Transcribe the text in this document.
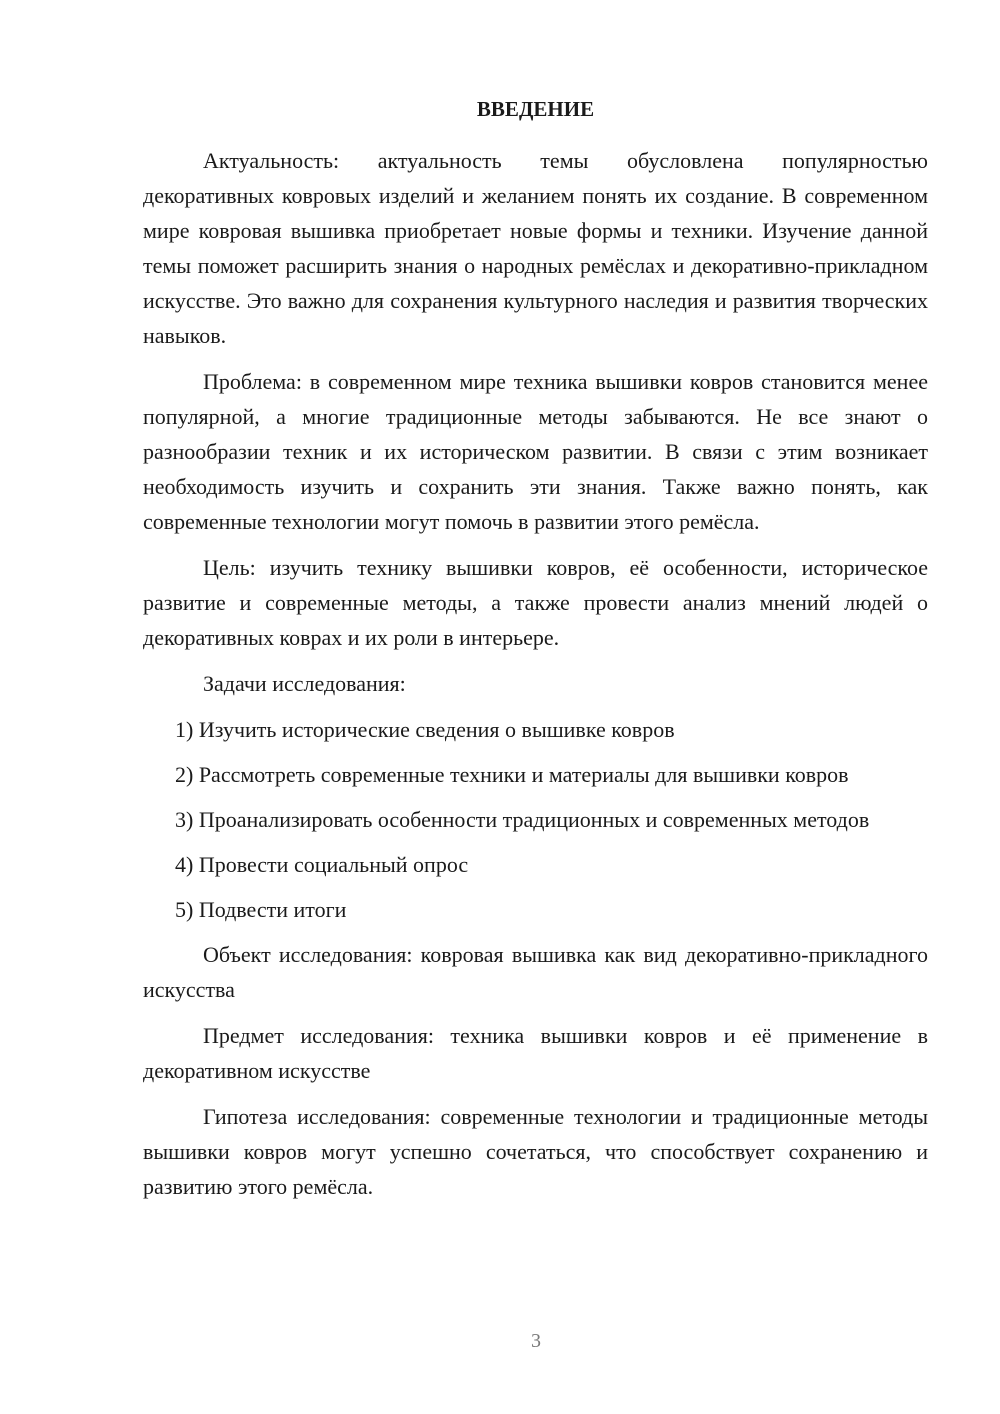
ВВЕДЕНИЕ

Актуальность: актуальность темы обусловлена популярностью декоративных ковровых изделий и желанием понять их создание. В современном мире ковровая вышивка приобретает новые формы и техники. Изучение данной темы поможет расширить знания о народных ремёслах и декоративно-прикладном искусстве. Это важно для сохранения культурного наследия и развития творческих навыков.

Проблема: в современном мире техника вышивки ковров становится менее популярной, а многие традиционные методы забываются. Не все знают о разнообразии техник и их историческом развитии. В связи с этим возникает необходимость изучить и сохранить эти знания. Также важно понять, как современные технологии могут помочь в развитии этого ремёсла.

Цель: изучить технику вышивки ковров, её особенности, историческое развитие и современные методы, а также провести анализ мнений людей о декоративных коврах и их роли в интерьере.

Задачи исследования:

1) Изучить исторические сведения о вышивке ковров

2) Рассмотреть современные техники и материалы для вышивки ковров

3) Проанализировать особенности традиционных и современных методов

4) Провести социальный опрос

5) Подвести итоги

Объект исследования: ковровая вышивка как вид декоративно-прикладного искусства

Предмет исследования: техника вышивки ковров и её применение в декоративном искусстве

Гипотеза исследования: современные технологии и традиционные методы вышивки ковров могут успешно сочетаться, что способствует сохранению и развитию этого ремёсла.

3
